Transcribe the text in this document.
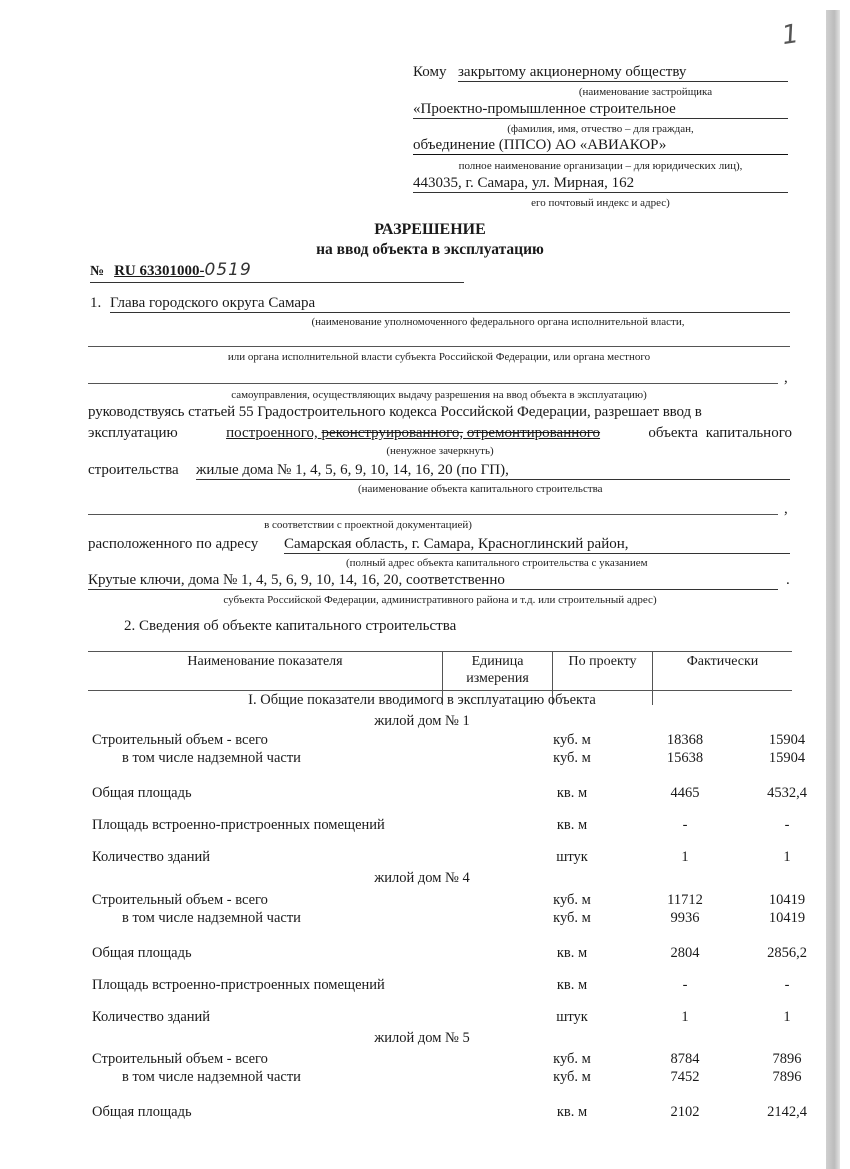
1
Кому закрытому акционерному обществу
(наименование застройщика
«Проектно-промышленное строительное
(фамилия, имя, отчество – для граждан,
объединение (ППСО) АО «АВИАКОР»
полное наименование организации – для юридических лиц),
443035, г. Самара, ул. Мирная, 162
его почтовый индекс и адрес)
РАЗРЕШЕНИЕ
на ввод объекта в эксплуатацию
№ RU 63301000-0519
1. Глава городского округа Самара
(наименование уполномоченного федерального органа исполнительной власти,
или органа исполнительной власти субъекта Российской Федерации, или органа местного
,
самоуправления, осуществляющих выдачу разрешения на ввод объекта в эксплуатацию)
руководствуясь статьей 55 Градостроительного кодекса Российской Федерации, разрешает ввод в
эксплуатацию	построенного, реконструированного, отремонтированного	объекта капитального
(ненужное зачеркнуть)
строительства жилые дома № 1, 4, 5, 6, 9, 10, 14, 16, 20 (по ГП),
(наименование объекта капитального строительства
,
в соответствии с проектной документацией)
расположенного по адресу Самарская область, г. Самара, Красноглинский район,
(полный адрес объекта капитального строительства с указанием
Крутые ключи, дома № 1, 4, 5, 6, 9, 10, 14, 16, 20, соответственно	.
субъекта Российской Федерации, административного района и т.д. или строительный адрес)
2. Сведения об объекте капитального строительства
Наименование показателя	Единица измерения	По проекту	Фактически

I. Общие показатели вводимого в эксплуатацию объекта
жилой дом № 1
Строительный объем - всего	куб. м	18368	15904
в том числе надземной части	куб. м	15638	15904
Общая площадь	кв. м	4465	4532,4
Площадь встроенно-пристроенных помещений	кв. м	-	-
Количество зданий	штук	1	1
жилой дом № 4
Строительный объем - всего	куб. м	11712	10419
в том числе надземной части	куб. м	9936	10419
Общая площадь	кв. м	2804	2856,2
Площадь встроенно-пристроенных помещений	кв. м	-	-
Количество зданий	штук	1	1
жилой дом № 5
Строительный объем - всего	куб. м	8784	7896
в том числе надземной части	куб. м	7452	7896
Общая площадь	кв. м	2102	2142,4
